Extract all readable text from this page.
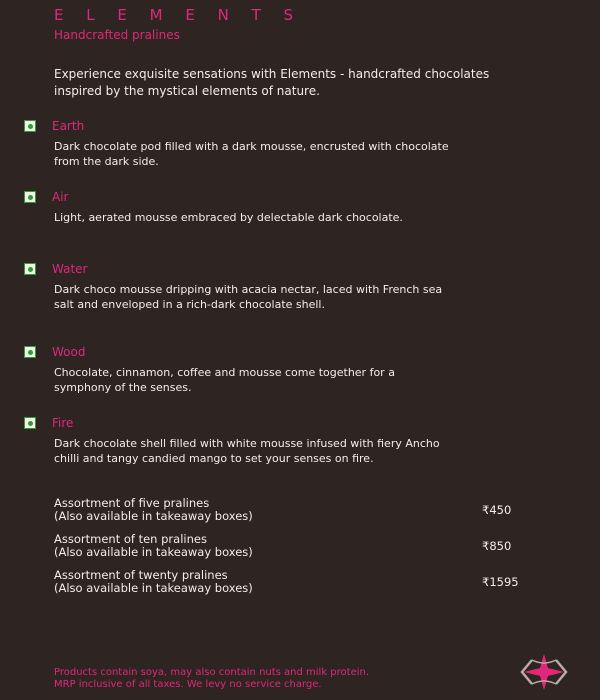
E L E M E N T S
Handcrafted pralines
Experience exquisite sensations with Elements - handcrafted chocolates inspired by the mystical elements of nature.
Earth
Dark chocolate pod filled with a dark mousse, encrusted with chocolate from the dark side.
Air
Light, aerated mousse embraced by delectable dark chocolate.
Water
Dark choco mousse dripping with acacia nectar, laced with French sea salt and enveloped in a rich-dark chocolate shell.
Wood
Chocolate, cinnamon, coffee and mousse come together for a symphony of the senses.
Fire
Dark chocolate shell filled with white mousse infused with fiery Ancho chilli and tangy candied mango to set your senses on fire.
Assortment of five pralines
(Also available in takeaway boxes)	₹450
Assortment of ten pralines
(Also available in takeaway boxes)	₹850
Assortment of twenty pralines
(Also available in takeaway boxes)	₹1595
Products contain soya, may also contain nuts and milk protein.
MRP inclusive of all taxes. We levy no service charge.
